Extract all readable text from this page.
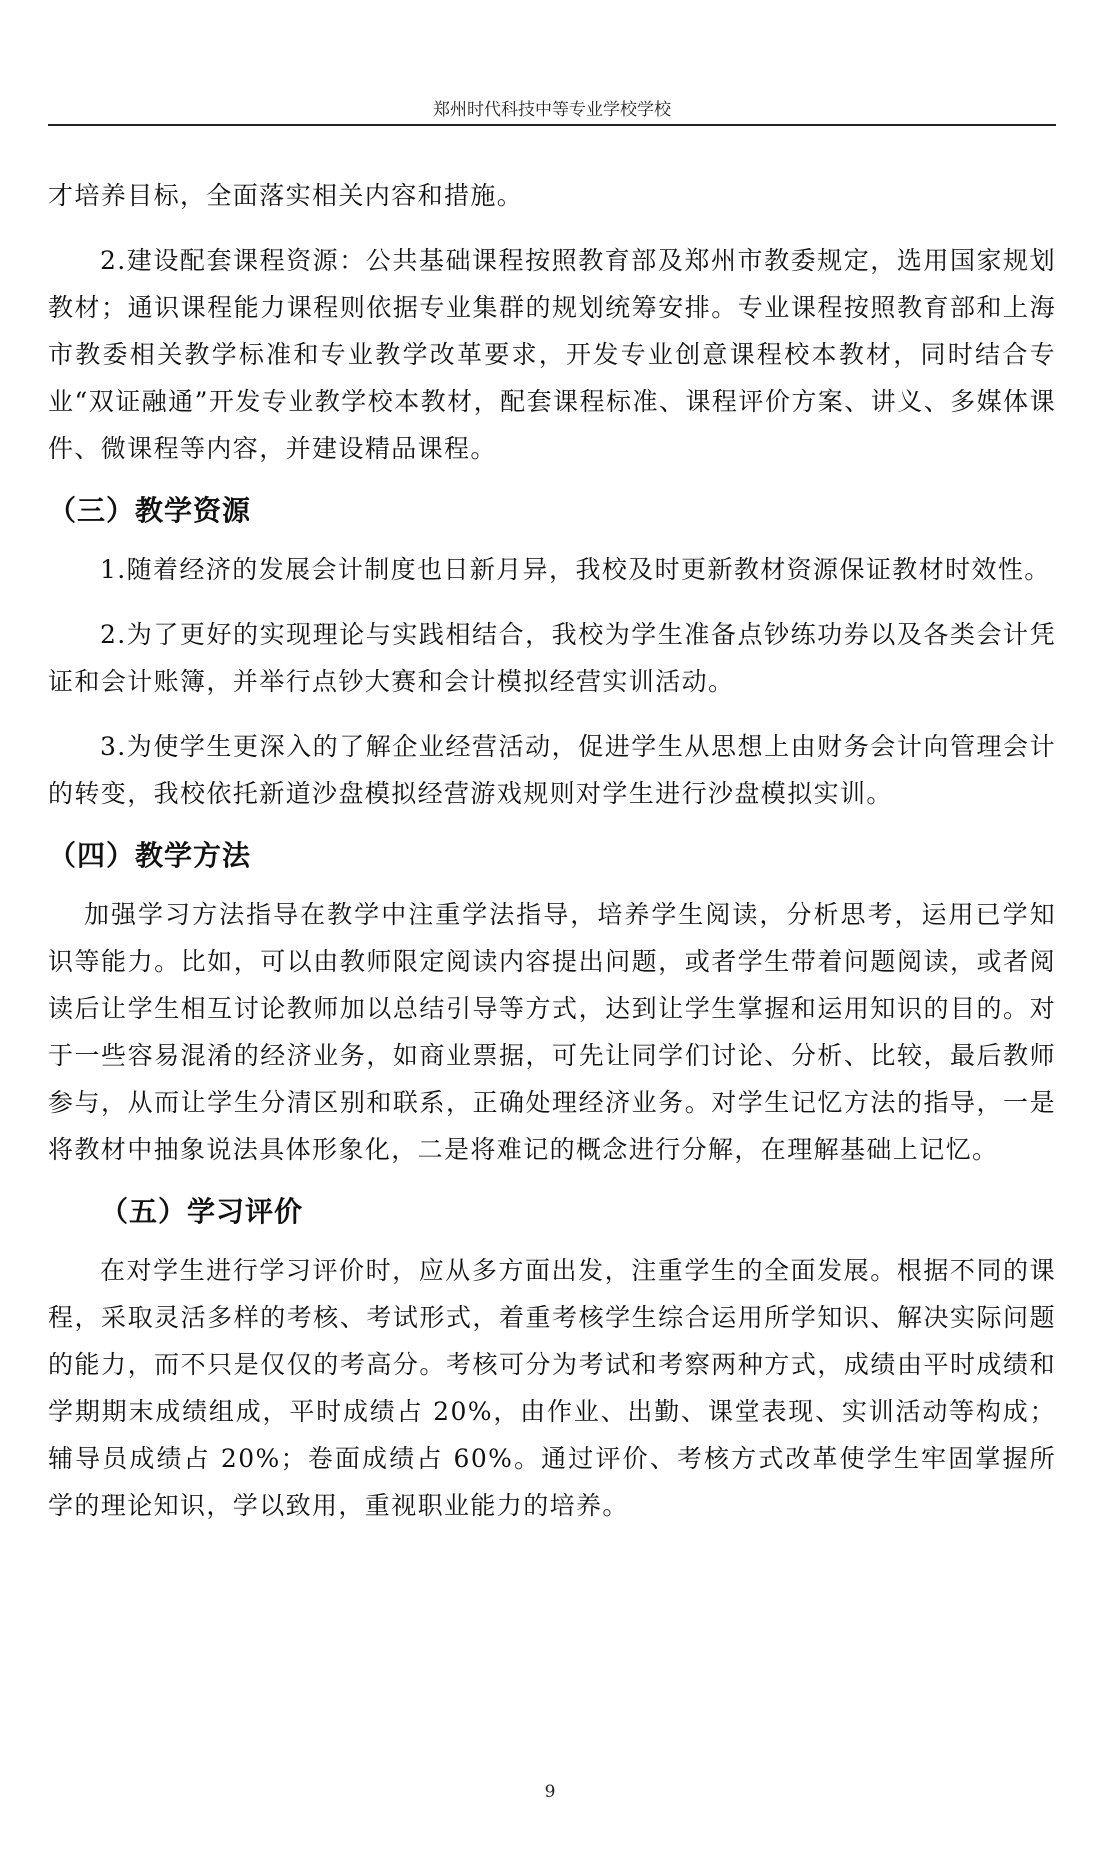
郑州时代科技中等专业学校学校

才培养目标，全面落实相关内容和措施。

2.建设配套课程资源：公共基础课程按照教育部及郑州市教委规定，选用国家规划教材；通识课程能力课程则依据专业集群的规划统筹安排。专业课程按照教育部和上海市教委相关教学标准和专业教学改革要求，开发专业创意课程校本教材，同时结合专业“双证融通”开发专业教学校本教材，配套课程标准、课程评价方案、讲义、多媒体课件、微课程等内容，并建设精品课程。

（三）教学资源

1.随着经济的发展会计制度也日新月异，我校及时更新教材资源保证教材时效性。

2.为了更好的实现理论与实践相结合，我校为学生准备点钞练功券以及各类会计凭证和会计账簿，并举行点钞大赛和会计模拟经营实训活动。

3.为使学生更深入的了解企业经营活动，促进学生从思想上由财务会计向管理会计的转变，我校依托新道沙盘模拟经营游戏规则对学生进行沙盘模拟实训。

（四）教学方法

加强学习方法指导在教学中注重学法指导，培养学生阅读，分析思考，运用已学知识等能力。比如，可以由教师限定阅读内容提出问题，或者学生带着问题阅读，或者阅读后让学生相互讨论教师加以总结引导等方式，达到让学生掌握和运用知识的目的。对于一些容易混淆的经济业务，如商业票据，可先让同学们讨论、分析、比较，最后教师参与，从而让学生分清区别和联系，正确处理经济业务。对学生记忆方法的指导，一是将教材中抽象说法具体形象化，二是将难记的概念进行分解，在理解基础上记忆。

（五）学习评价

在对学生进行学习评价时，应从多方面出发，注重学生的全面发展。根据不同的课程，采取灵活多样的考核、考试形式，着重考核学生综合运用所学知识、解决实际问题的能力，而不只是仅仅的考高分。考核可分为考试和考察两种方式，成绩由平时成绩和学期期末成绩组成，平时成绩占 20%，由作业、出勤、课堂表现、实训活动等构成；辅导员成绩占 20%；卷面成绩占 60%。通过评价、考核方式改革使学生牢固掌握所学的理论知识，学以致用，重视职业能力的培养。

9
